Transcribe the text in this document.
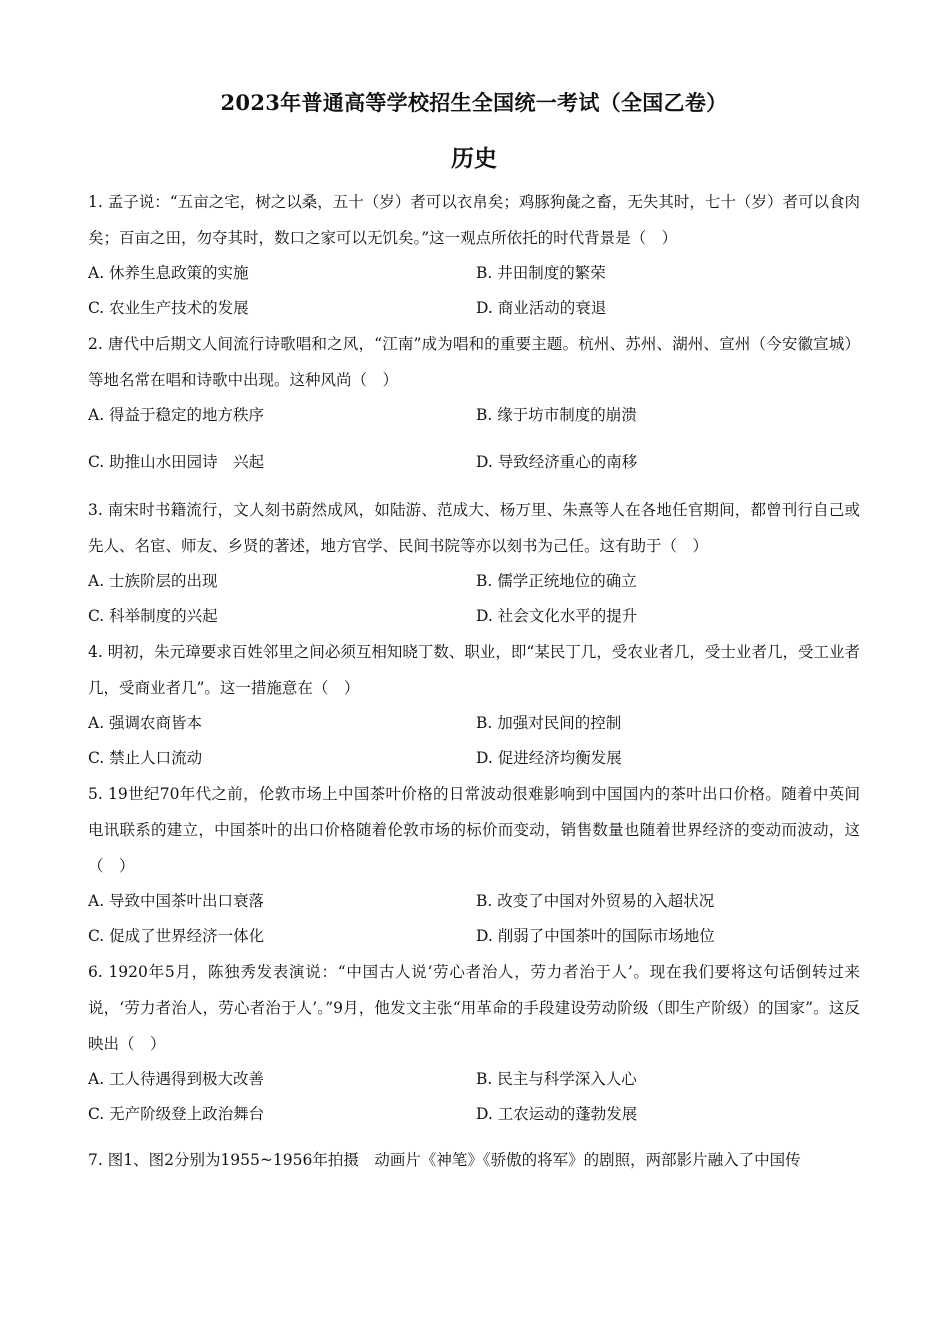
2023年普通高等学校招生全国统一考试（全国乙卷）
历史

1. 孟子说：“五亩之宅，树之以桑，五十（岁）者可以衣帛矣；鸡豚狗彘之畜，无失其时，七十（岁）者可以食肉矣；百亩之田，勿夺其时，数口之家可以无饥矣。”这一观点所依托的时代背景是（　）

A. 休养生息政策的实施	B. 井田制度的繁荣
C. 农业生产技术的发展	D. 商业活动的衰退

2. 唐代中后期文人间流行诗歌唱和之风，“江南”成为唱和的重要主题。杭州、苏州、湖州、宣州（今安徽宣城）等地名常在唱和诗歌中出现。这种风尚（　）

A. 得益于稳定的地方秩序	B. 缘于坊市制度的崩溃
C. 助推山水田园诗　兴起	D. 导致经济重心的南移

3. 南宋时书籍流行，文人刻书蔚然成风，如陆游、范成大、杨万里、朱熹等人在各地任官期间，都曾刊行自己或先人、名宦、师友、乡贤的著述，地方官学、民间书院等亦以刻书为己任。这有助于（　）

A. 士族阶层的出现	B. 儒学正统地位的确立
C. 科举制度的兴起	D. 社会文化水平的提升

4. 明初，朱元璋要求百姓邻里之间必须互相知晓丁数、职业，即“某民丁几，受农业者几，受士业者几，受工业者几，受商业者几”。这一措施意在（　）

A. 强调农商皆本	B. 加强对民间的控制
C. 禁止人口流动	D. 促进经济均衡发展

5. 19世纪70年代之前，伦敦市场上中国茶叶价格的日常波动很难影响到中国国内的茶叶出口价格。随着中英间电讯联系的建立，中国茶叶的出口价格随着伦敦市场的标价而变动，销售数量也随着世界经济的变动而波动，这（　）

A. 导致中国茶叶出口衰落	B. 改变了中国对外贸易的入超状况
C. 促成了世界经济一体化	D. 削弱了中国茶叶的国际市场地位

6. 1920年5月，陈独秀发表演说：“中国古人说‘劳心者治人，劳力者治于人’。现在我们要将这句话倒转过来说，‘劳力者治人，劳心者治于人’。”9月，他发文主张“用革命的手段建设劳动阶级（即生产阶级）的国家”。这反映出（　）

A. 工人待遇得到极大改善	B. 民主与科学深入人心
C. 无产阶级登上政治舞台	D. 工农运动的蓬勃发展

7. 图1、图2分别为1955~1956年拍摄　动画片《神笔》《骄傲的将军》的剧照，两部影片融入了中国传
